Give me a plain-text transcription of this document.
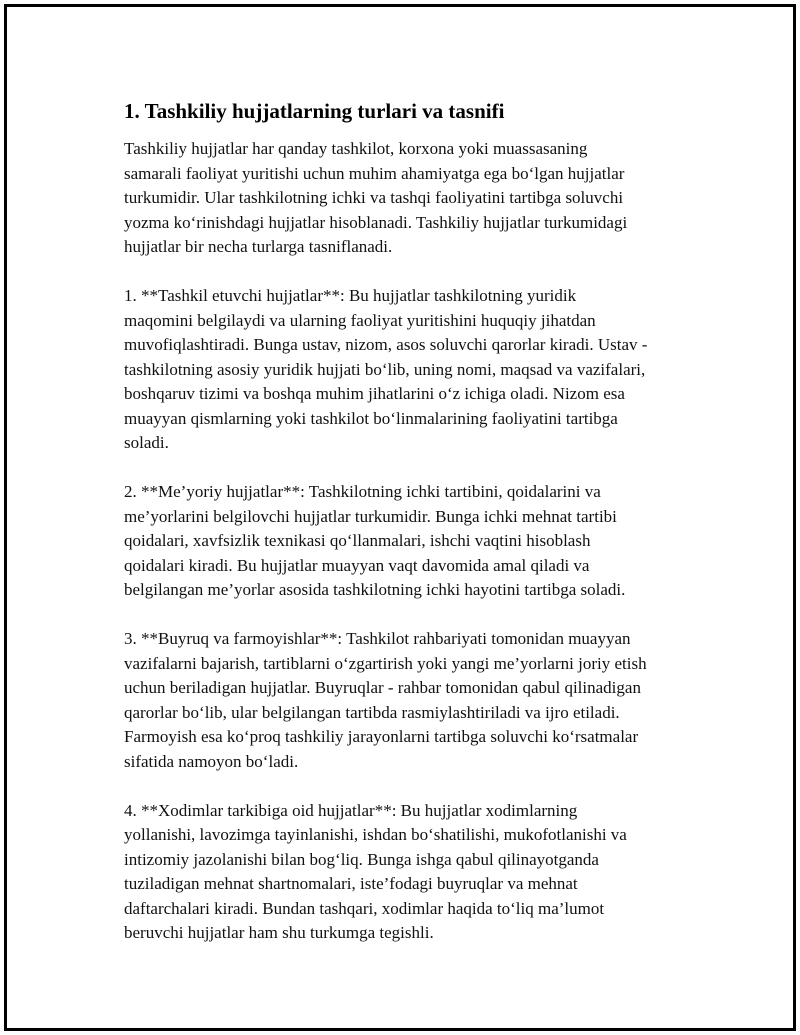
1. Tashkiliy hujjatlarning turlari va tasnifi

Tashkiliy hujjatlar har qanday tashkilot, korxona yoki muassasaning
samarali faoliyat yuritishi uchun muhim ahamiyatga ega bo‘lgan hujjatlar
turkumidir. Ular tashkilotning ichki va tashqi faoliyatini tartibga soluvchi
yozma ko‘rinishdagi hujjatlar hisoblanadi. Tashkiliy hujjatlar turkumidagi
hujjatlar bir necha turlarga tasniflanadi.

1. **Tashkil etuvchi hujjatlar**: Bu hujjatlar tashkilotning yuridik
maqomini belgilaydi va ularning faoliyat yuritishini huquqiy jihatdan
muvofiqlashtiradi. Bunga ustav, nizom, asos soluvchi qarorlar kiradi. Ustav -
tashkilotning asosiy yuridik hujjati bo‘lib, uning nomi, maqsad va vazifalari,
boshqaruv tizimi va boshqa muhim jihatlarini o‘z ichiga oladi. Nizom esa
muayyan qismlarning yoki tashkilot bo‘linmalarining faoliyatini tartibga
soladi.

2. **Me’yoriy hujjatlar**: Tashkilotning ichki tartibini, qoidalarini va
me’yorlarini belgilovchi hujjatlar turkumidir. Bunga ichki mehnat tartibi
qoidalari, xavfsizlik texnikasi qo‘llanmalari, ishchi vaqtini hisoblash
qoidalari kiradi. Bu hujjatlar muayyan vaqt davomida amal qiladi va
belgilangan me’yorlar asosida tashkilotning ichki hayotini tartibga soladi.

3. **Buyruq va farmoyishlar**: Tashkilot rahbariyati tomonidan muayyan
vazifalarni bajarish, tartiblarni o‘zgartirish yoki yangi me’yorlarni joriy etish
uchun beriladigan hujjatlar. Buyruqlar - rahbar tomonidan qabul qilinadigan
qarorlar bo‘lib, ular belgilangan tartibda rasmiylashtiriladi va ijro etiladi.
Farmoyish esa ko‘proq tashkiliy jarayonlarni tartibga soluvchi ko‘rsatmalar
sifatida namoyon bo‘ladi.

4. **Xodimlar tarkibiga oid hujjatlar**: Bu hujjatlar xodimlarning
yollanishi, lavozimga tayinlanishi, ishdan bo‘shatilishi, mukofotlanishi va
intizomiy jazolanishi bilan bog‘liq. Bunga ishga qabul qilinayotganda
tuziladigan mehnat shartnomalari, iste’fodagi buyruqlar va mehnat
daftarchalari kiradi. Bundan tashqari, xodimlar haqida to‘liq ma’lumot
beruvchi hujjatlar ham shu turkumga tegishli.
